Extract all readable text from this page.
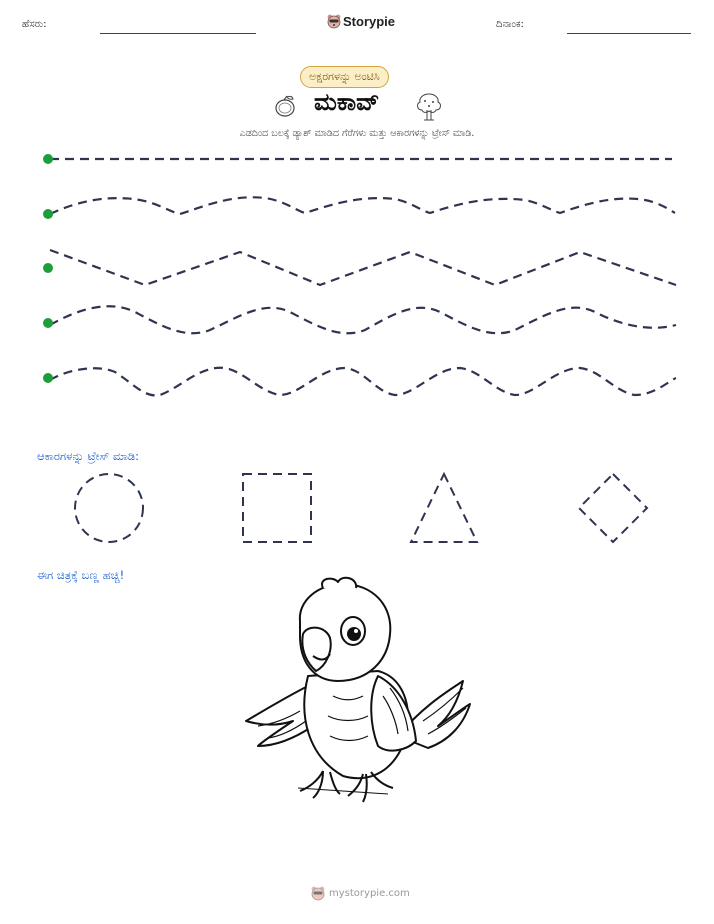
ಹೆಸರು:	Storypie	ದಿನಾಂಕ:
ಅಕ್ಷರಗಳನ್ನು ಅಂಟಿಸಿ
ಮಕಾವ್
ಎಡದಿಂದ ಬಲಕ್ಕೆ ಡ್ಯಾಶ್ ಮಾಡಿದ ಗೆರೆಗಳು ಮತ್ತು ಆಕಾರಗಳನ್ನು ಟ್ರೇಸ್ ಮಾಡಿ.
ಆಕಾರಗಳನ್ನು ಟ್ರೇಸ್ ಮಾಡಿ:
ಈಗ ಚಿತ್ರಕ್ಕೆ ಬಣ್ಣ ಹಚ್ಚಿ!
mystorypie.com
